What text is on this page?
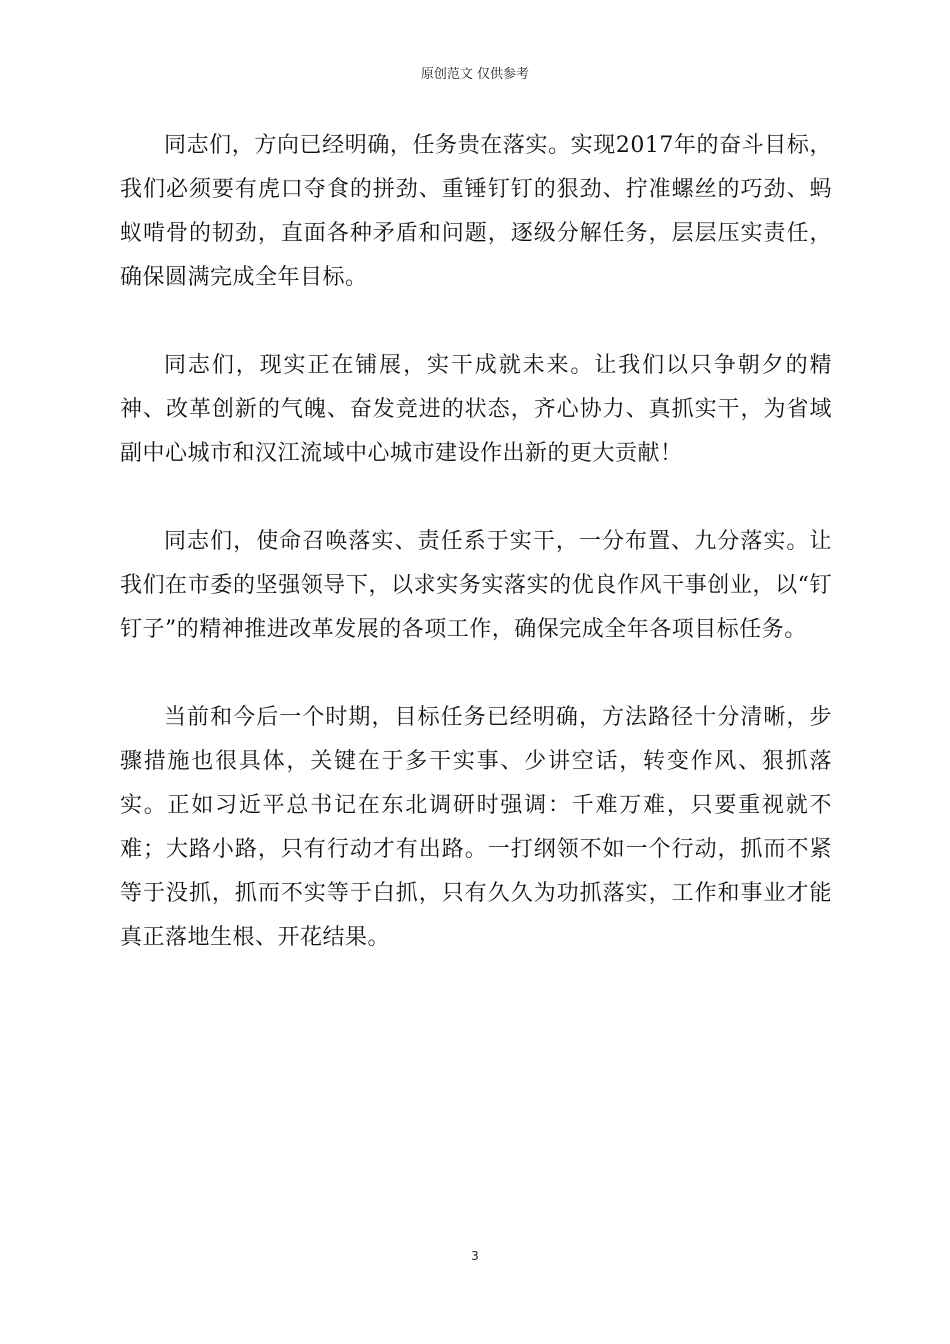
原创范文 仅供参考

同志们，方向已经明确，任务贵在落实。实现2017年的奋斗目标，我们必须要有虎口夺食的拼劲、重锤钉钉的狠劲、拧准螺丝的巧劲、蚂蚁啃骨的韧劲，直面各种矛盾和问题，逐级分解任务，层层压实责任，确保圆满完成全年目标。

同志们，现实正在铺展，实干成就未来。让我们以只争朝夕的精神、改革创新的气魄、奋发竞进的状态，齐心协力、真抓实干，为省域副中心城市和汉江流域中心城市建设作出新的更大贡献！

同志们，使命召唤落实、责任系于实干，一分布置、九分落实。让我们在市委的坚强领导下，以求实务实落实的优良作风干事创业，以“钉钉子”的精神推进改革发展的各项工作，确保完成全年各项目标任务。

当前和今后一个时期，目标任务已经明确，方法路径十分清晰，步骤措施也很具体，关键在于多干实事、少讲空话，转变作风、狠抓落实。正如习近平总书记在东北调研时强调：千难万难，只要重视就不难；大路小路，只有行动才有出路。一打纲领不如一个行动，抓而不紧等于没抓，抓而不实等于白抓，只有久久为功抓落实，工作和事业才能真正落地生根、开花结果。

3
